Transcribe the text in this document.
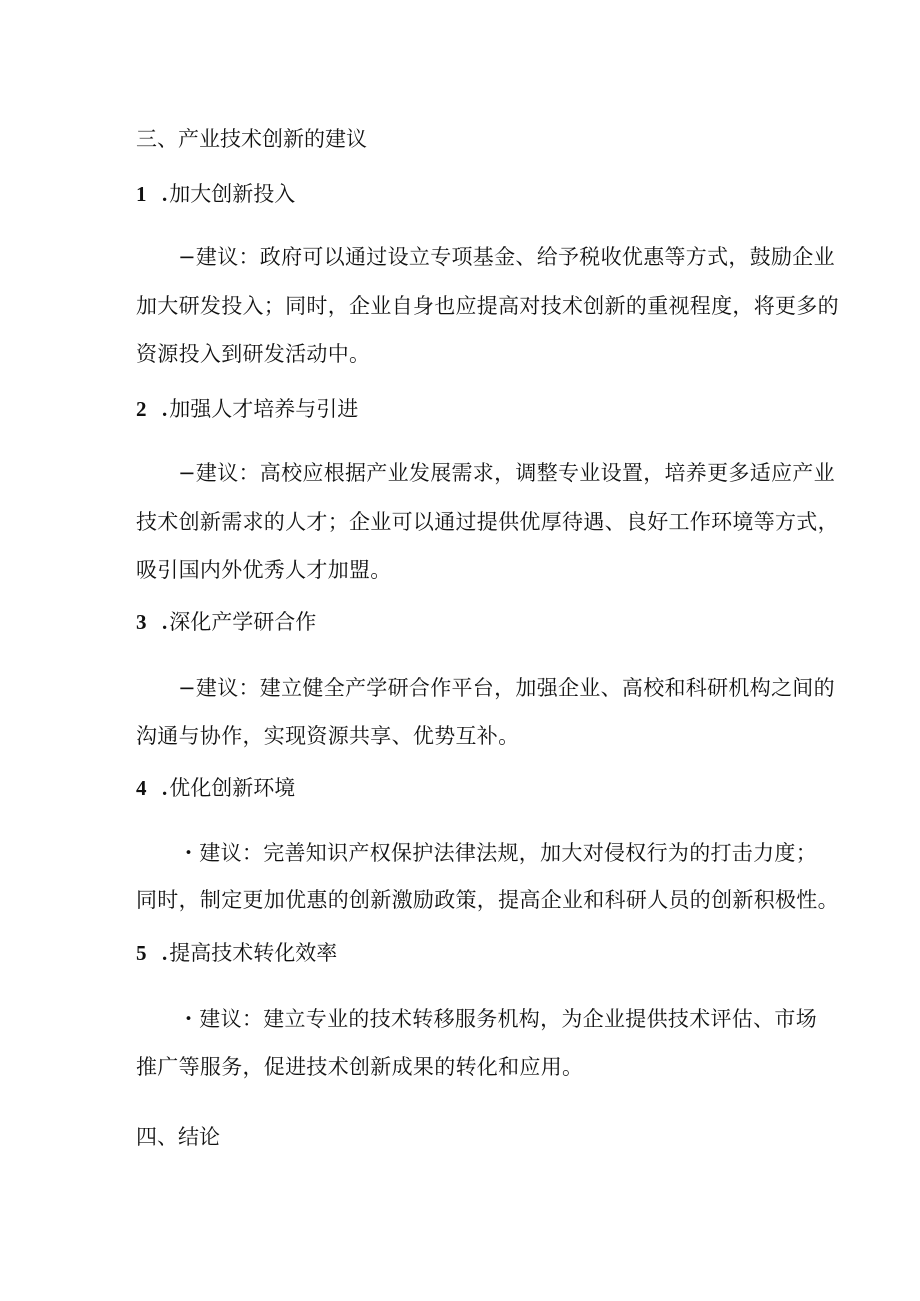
三、产业技术创新的建议

1 .加大创新投入

−建议：政府可以通过设立专项基金、给予税收优惠等方式，鼓励企业

加大研发投入；同时，企业自身也应提高对技术创新的重视程度，将更多的

资源投入到研发活动中。

2 .加强人才培养与引进

−建议：高校应根据产业发展需求，调整专业设置，培养更多适应产业

技术创新需求的人才；企业可以通过提供优厚待遇、良好工作环境等方式，

吸引国内外优秀人才加盟。

3 .深化产学研合作

−建议：建立健全产学研合作平台，加强企业、高校和科研机构之间的

沟通与协作，实现资源共享、优势互补。

4 .优化创新环境

・建议：完善知识产权保护法律法规，加大对侵权行为的打击力度；

同时，制定更加优惠的创新激励政策，提高企业和科研人员的创新积极性。

5 .提高技术转化效率

・建议：建立专业的技术转移服务机构，为企业提供技术评估、市场

推广等服务，促进技术创新成果的转化和应用。

四、结论
